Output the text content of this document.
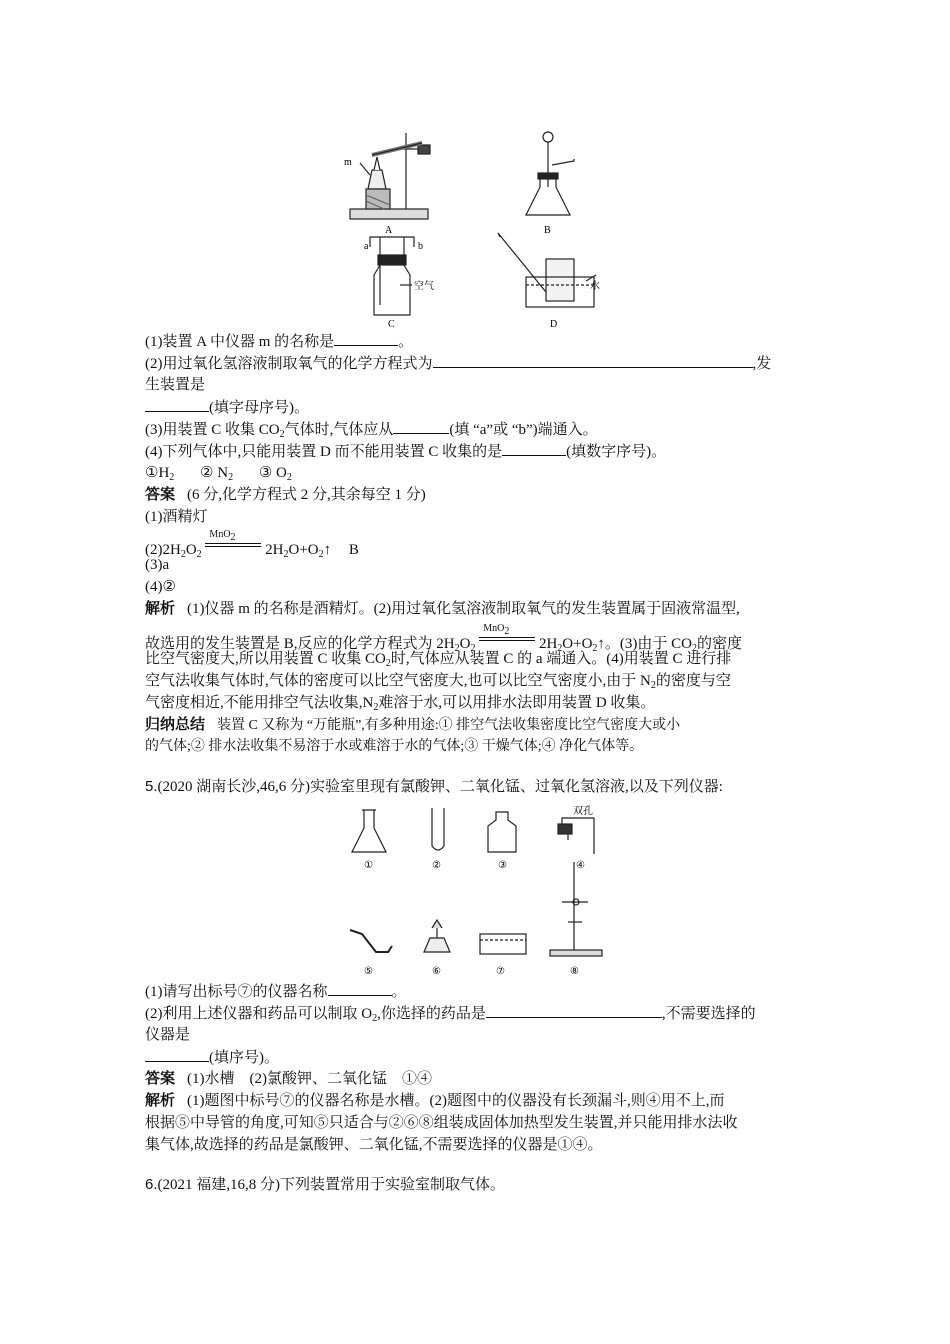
m
A	B
a	b
空气
C
水
D
(1)装置 A 中仪器 m 的名称是	。
(2)用过氧化氢溶液制取氧气的化学方程式为	,发
生装置是
(填字母序号)。
(3)用装置 C 收集 $CO_2$气体时,气体应从	(填 “a”或 “b”)端通入。
(4)下列气体中,只能用装置 D 而不能用装置 C 收集的是	(填数字序号)。
$①H_2$ ② $N_2$ ③ $O_2$
答案 (6 分,化学方程式 2 分,其余每空 1 分)
(1)酒精灯
$(2)2H_2O_2$
MnO2
$2H_2O+O_2↑$ B
(3)a
(4)②
解析 (1)仪器 m 的名称是酒精灯。(2)用过氧化氢溶液制取氧气的发生装置属于固液常温型,
故选用的发生装置是 B,反应的化学方程式为 $2H_2O_2$
MnO2
$2H_2O+O_2↑$。(3)由于 $CO_2$的密度
比空气密度大,所以用装置 C 收集 $CO_2$时,气体应从装置 C 的 a 端通入。(4)用装置 C 进行排
空气法收集气体时,气体的密度可以比空气密度大,也可以比空气密度小,由于 $N_2$的密度与空
气密度相近,不能用排空气法收集$,N_2$难溶于水,可以用排水法即用装置 D 收集。
归纳总结 装置 C 又称为 “万能瓶”,有多种用途:① 排空气法收集密度比空气密度大或小
的气体;② 排水法收集不易溶于水或难溶于水的气体;③ 干燥气体;④ 净化气体等。
5.(2020 湖南长沙,46,6 分)实验室里现有氯酸钾、二氧化锰、过氧化氢溶液,以及下列仪器:
双孔
①	②	③	④
⑤	⑥	⑦	⑧
(1)请写出标号⑦的仪器名称	。
(2)利用上述仪器和药品可以制取 $O_2$,你选择的药品是	,不需要选择的
仪器是
(填序号)。
答案 (1)水槽　(2)氯酸钾、二氧化锰　①④
解析 (1)题图中标号⑦的仪器名称是水槽。(2)题图中的仪器没有长颈漏斗,则④用不上,而
根据⑤中导管的角度,可知⑤只适合与②⑥⑧组装成固体加热型发生装置,并只能用排水法收
集气体,故选择的药品是氯酸钾、二氧化锰,不需要选择的仪器是①④。
6.(2021 福建,16,8 分)下列装置常用于实验室制取气体。
